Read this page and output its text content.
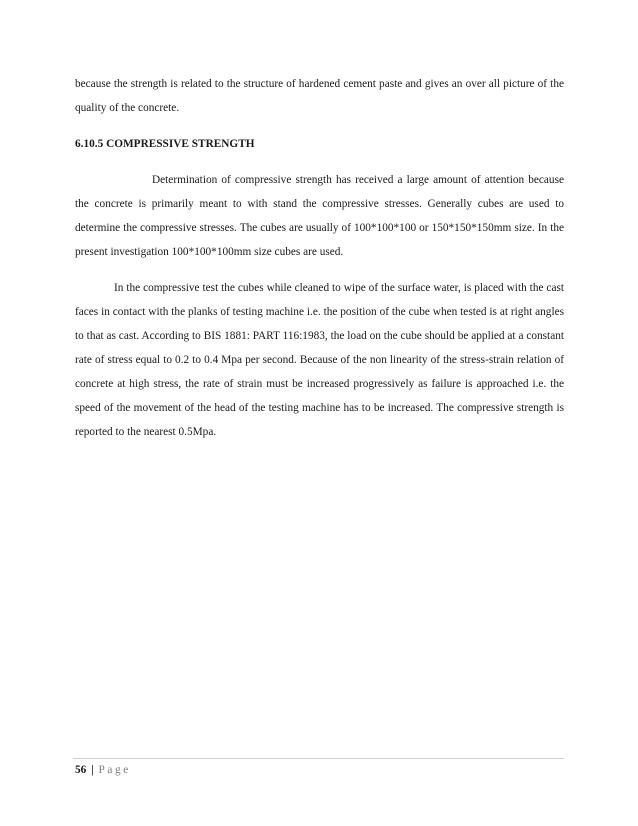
because the strength is related to the structure of hardened cement paste and gives an over all picture of the quality of the concrete.

6.10.5 COMPRESSIVE STRENGTH

Determination of compressive strength has received a large amount of attention because the concrete is primarily meant to with stand the compressive stresses. Generally cubes are used to determine the compressive stresses. The cubes are usually of 100*100*100 or 150*150*150mm size. In the present investigation 100*100*100mm size cubes are used.

In the compressive test the cubes while cleaned to wipe of the surface water, is placed with the cast faces in contact with the planks of testing machine i.e. the position of the cube when tested is at right angles to that as cast. According to BIS 1881: PART 116:1983, the load on the cube should be applied at a constant rate of stress equal to 0.2 to 0.4 Mpa per second. Because of the non linearity of the stress-strain relation of concrete at high stress, the rate of strain must be increased progressively as failure is approached i.e. the speed of the movement of the head of the testing machine has to be increased. The compressive strength is reported to the nearest 0.5Mpa.

56 | Page
